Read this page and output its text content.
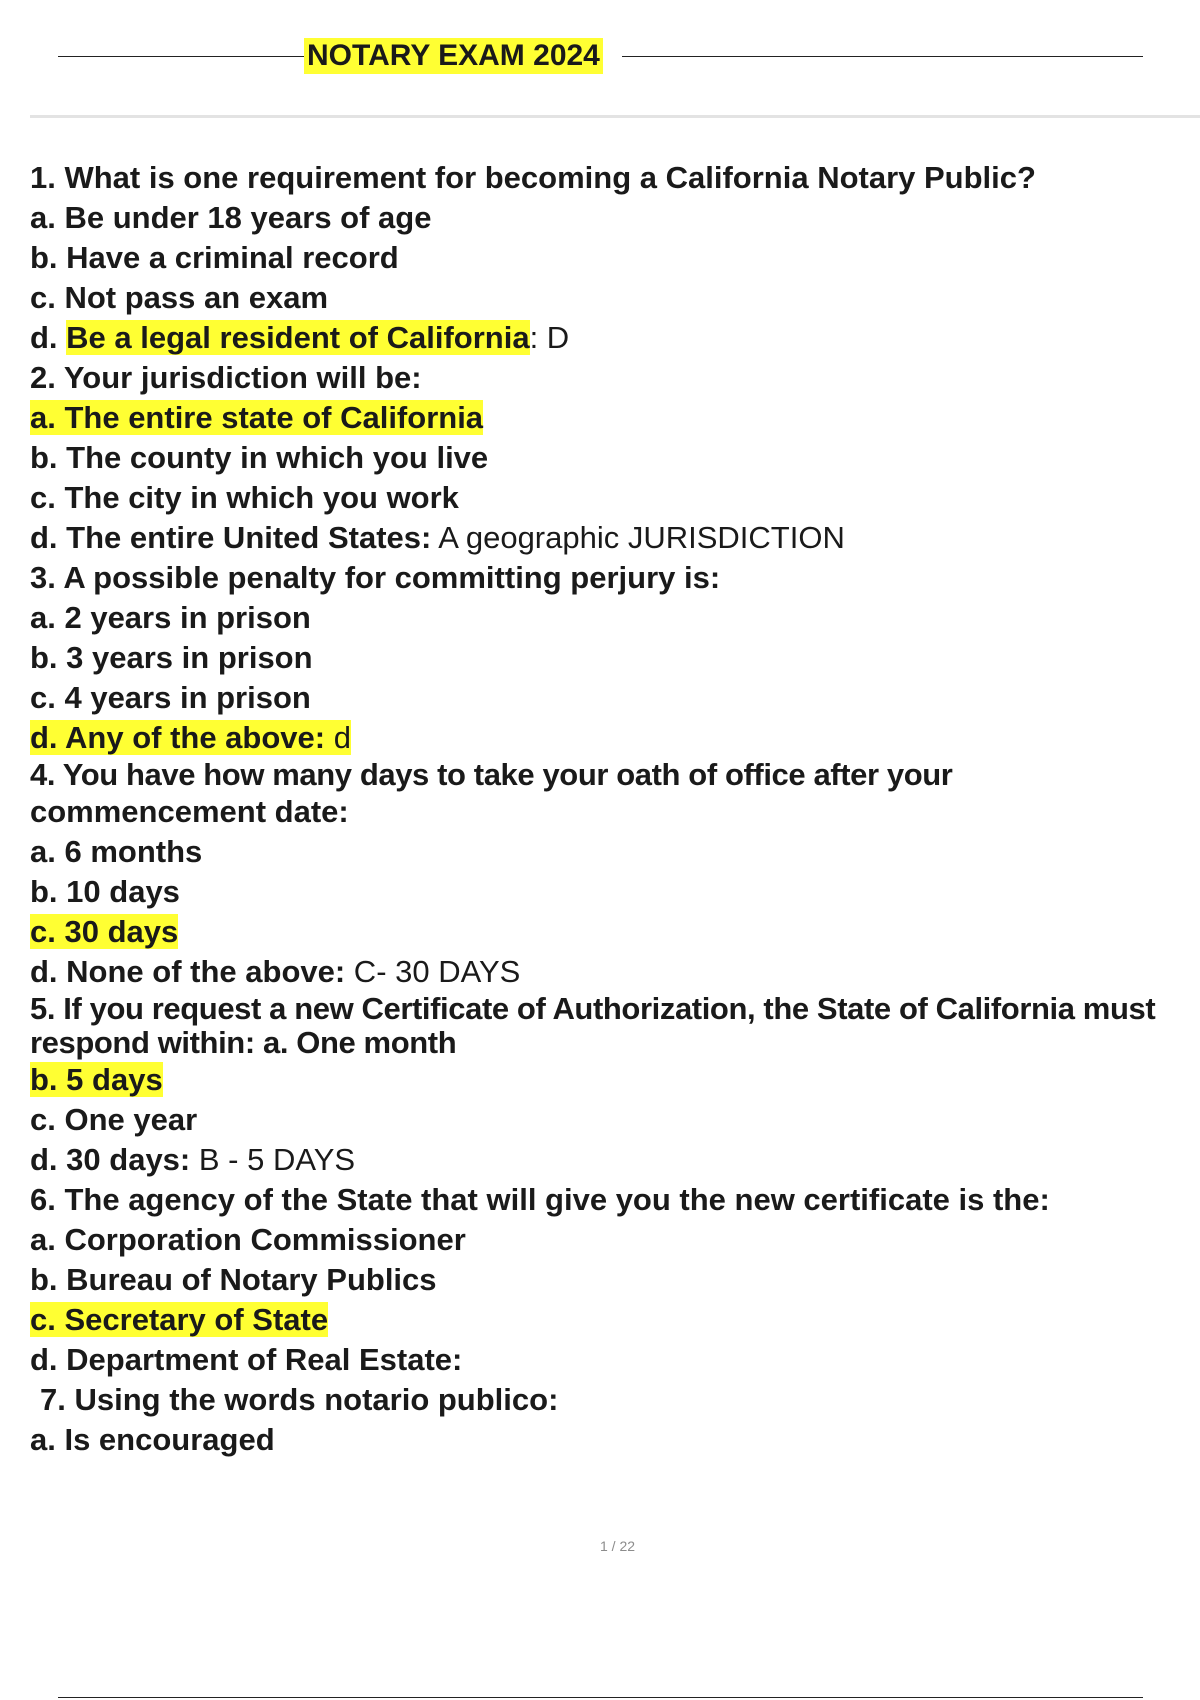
NOTARY EXAM 2024
1. What is one requirement for becoming a California Notary Public?
a. Be under 18 years of age
b. Have a criminal record
c. Not pass an exam
d. Be a legal resident of California: D
2. Your jurisdiction will be:
a. The entire state of California
b. The county in which you live
c. The city in which you work
d. The entire United States: A geographic JURISDICTION
3. A possible penalty for committing perjury is:
a. 2 years in prison
b. 3 years in prison
c. 4 years in prison
d. Any of the above: d
4. You have how many days to take your oath of office after your
commencement date:
a. 6 months
b. 10 days
c. 30 days
d. None of the above: C- 30 DAYS
5. If you request a new Certificate of Authorization, the State of California must
respond within: a. One month
b. 5 days
c. One year
d. 30 days: B - 5 DAYS
6. The agency of the State that will give you the new certificate is the:
a. Corporation Commissioner
b. Bureau of Notary Publics
c. Secretary of State
d. Department of Real Estate:
7. Using the words notario publico:
a. Is encouraged
1 / 22
